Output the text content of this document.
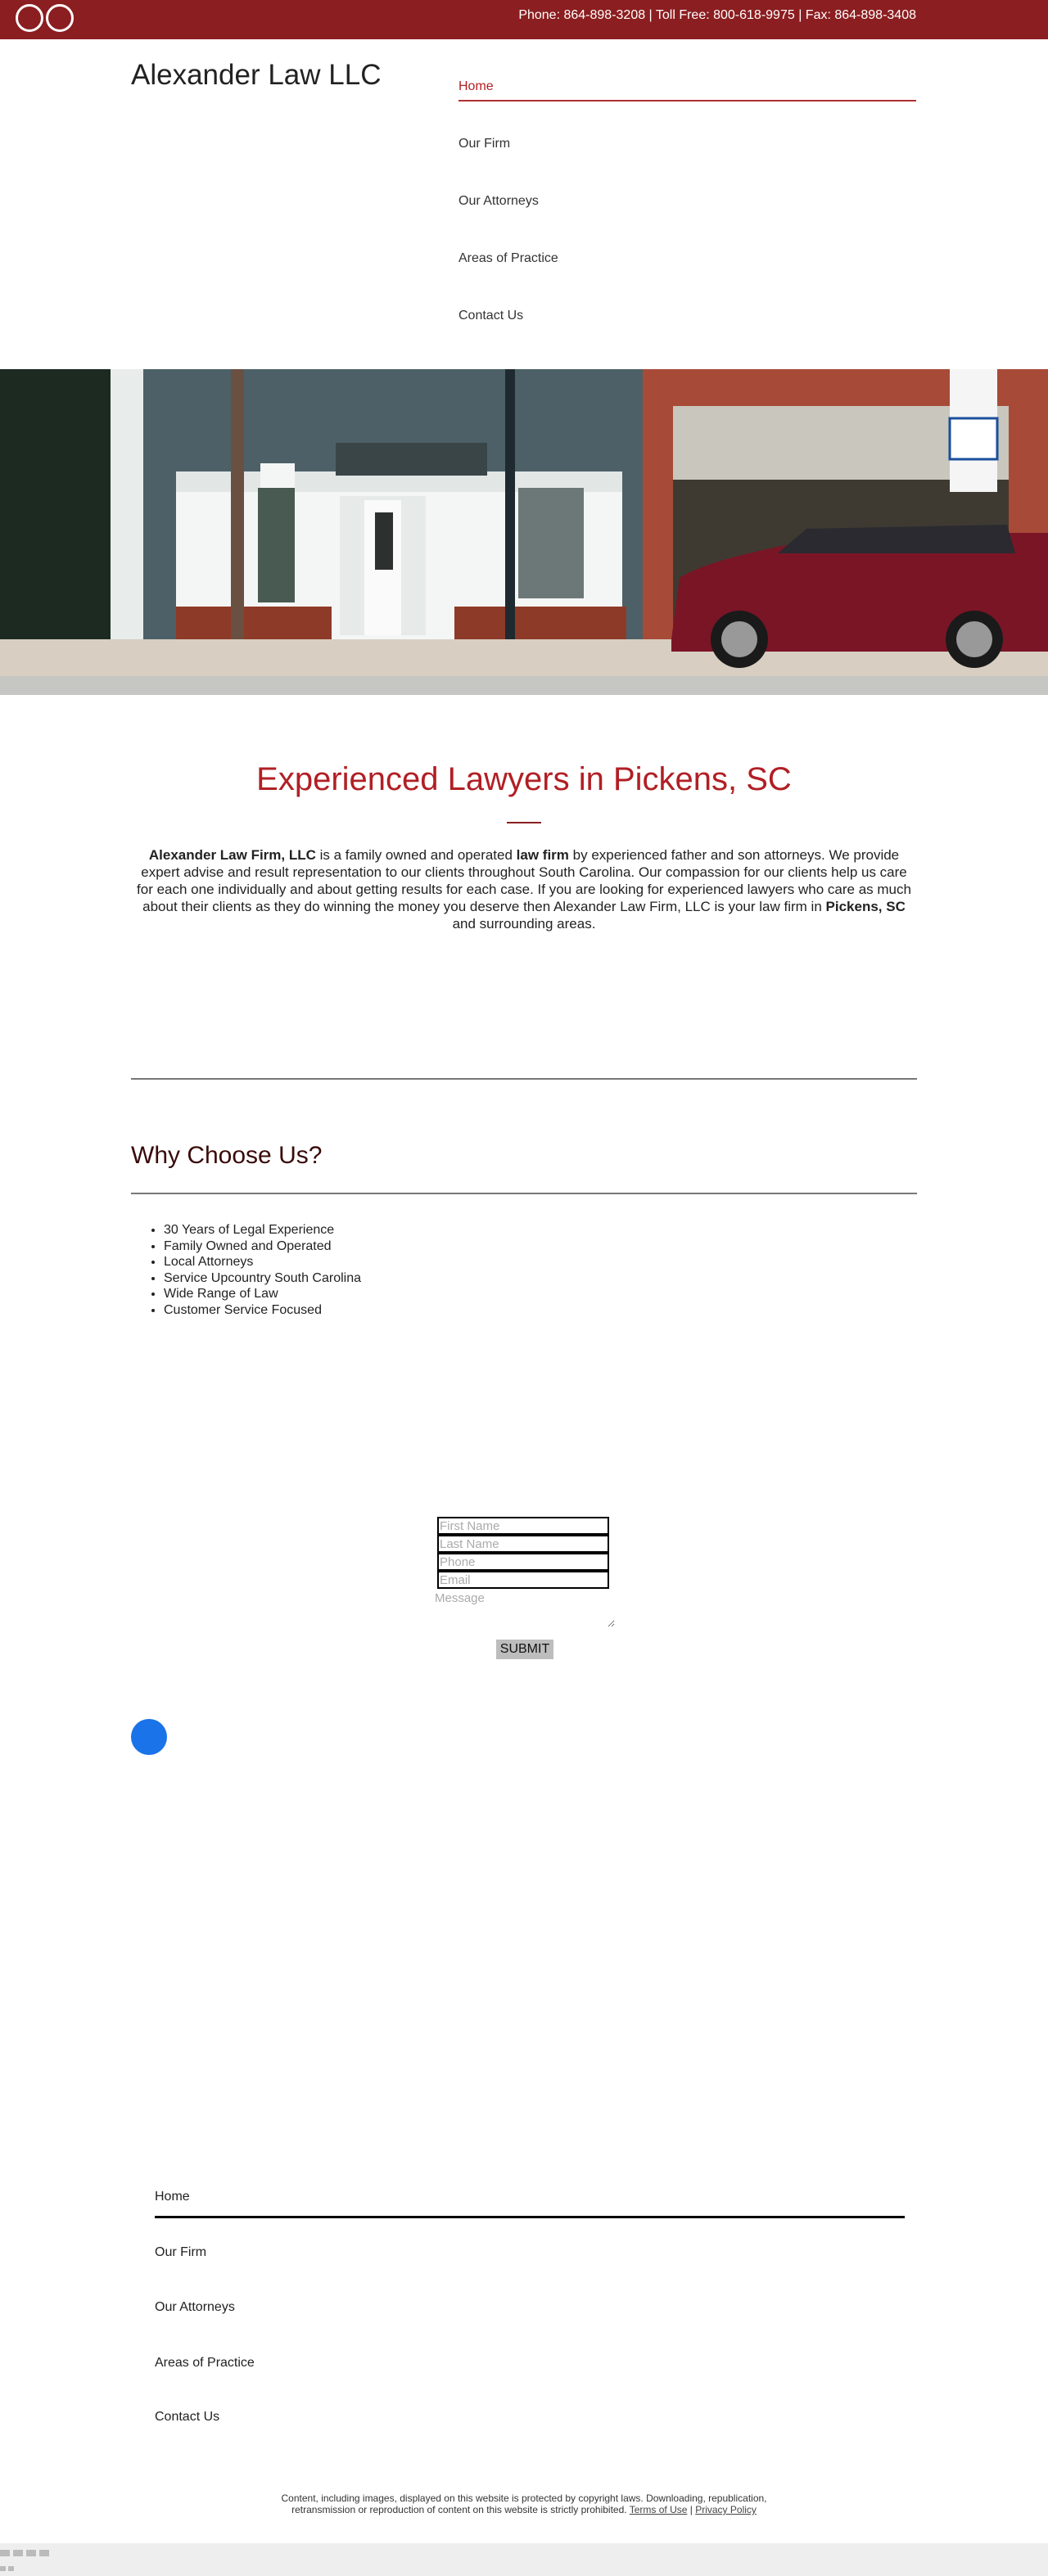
Phone: 864-898-3208 | Toll Free: 800-618-9975 | Fax: 864-898-3408
Alexander Law LLC	Home
Our Firm
Our Attorneys
Areas of Practice
Contact Us
Experienced Lawyers in Pickens, SC

Alexander Law Firm, LLC is a family owned and operated law firm by experienced father and son attorneys. We provide expert advise and result representation to our clients throughout South Carolina. Our compassion for our clients help us care for each one individually and about getting results for each case. If you are looking for experienced lawyers who care as much about their clients as they do winning the money you deserve then Alexander Law Firm, LLC is your law firm in Pickens, SC and surrounding areas.

Why Choose Us?
• 30 Years of Legal Experience
• Family Owned and Operated
• Local Attorneys
• Service Upcountry South Carolina
• Wide Range of Law
• Customer Service Focused
First Name
Last Name
Phone
Email
Message
SUBMIT
Home
Our Firm
Our Attorneys
Areas of Practice
Contact Us
Content, including images, displayed on this website is protected by copyright laws. Downloading, republication, retransmission or reproduction of content on this website is strictly prohibited. Terms of Use | Privacy Policy
